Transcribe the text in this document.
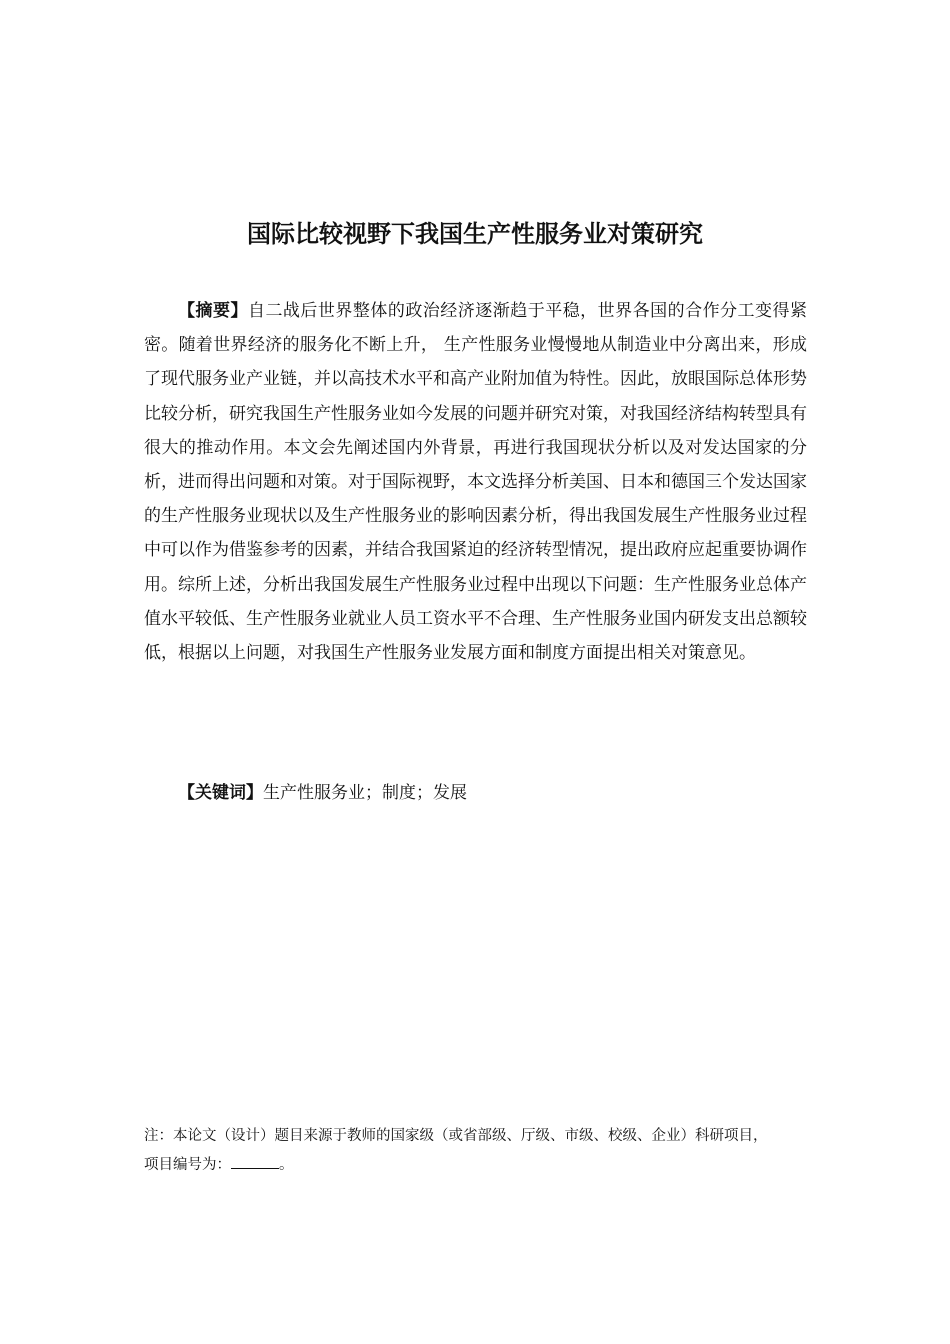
国际比较视野下我国生产性服务业对策研究

【摘要】自二战后世界整体的政治经济逐渐趋于平稳，世界各国的合作分工变得紧密。随着世界经济的服务化不断上升， 生产性服务业慢慢地从制造业中分离出来，形成了现代服务业产业链，并以高技术水平和高产业附加值为特性。因此，放眼国际总体形势比较分析，研究我国生产性服务业如今发展的问题并研究对策，对我国经济结构转型具有很大的推动作用。本文会先阐述国内外背景，再进行我国现状分析以及对发达国家的分析，进而得出问题和对策。对于国际视野，本文选择分析美国、日本和德国三个发达国家的生产性服务业现状以及生产性服务业的影响因素分析，得出我国发展生产性服务业过程中可以作为借鉴参考的因素，并结合我国紧迫的经济转型情况，提出政府应起重要协调作用。综所上述，分析出我国发展生产性服务业过程中出现以下问题：生产性服务业总体产值水平较低、生产性服务业就业人员工资水平不合理、生产性服务业国内研发支出总额较低，根据以上问题，对我国生产性服务业发展方面和制度方面提出相关对策意见。

【关键词】生产性服务业；制度；发展

注：本论文（设计）题目来源于教师的国家级（或省部级、厅级、市级、校级、企业）科研项目，
项目编号为：	。
